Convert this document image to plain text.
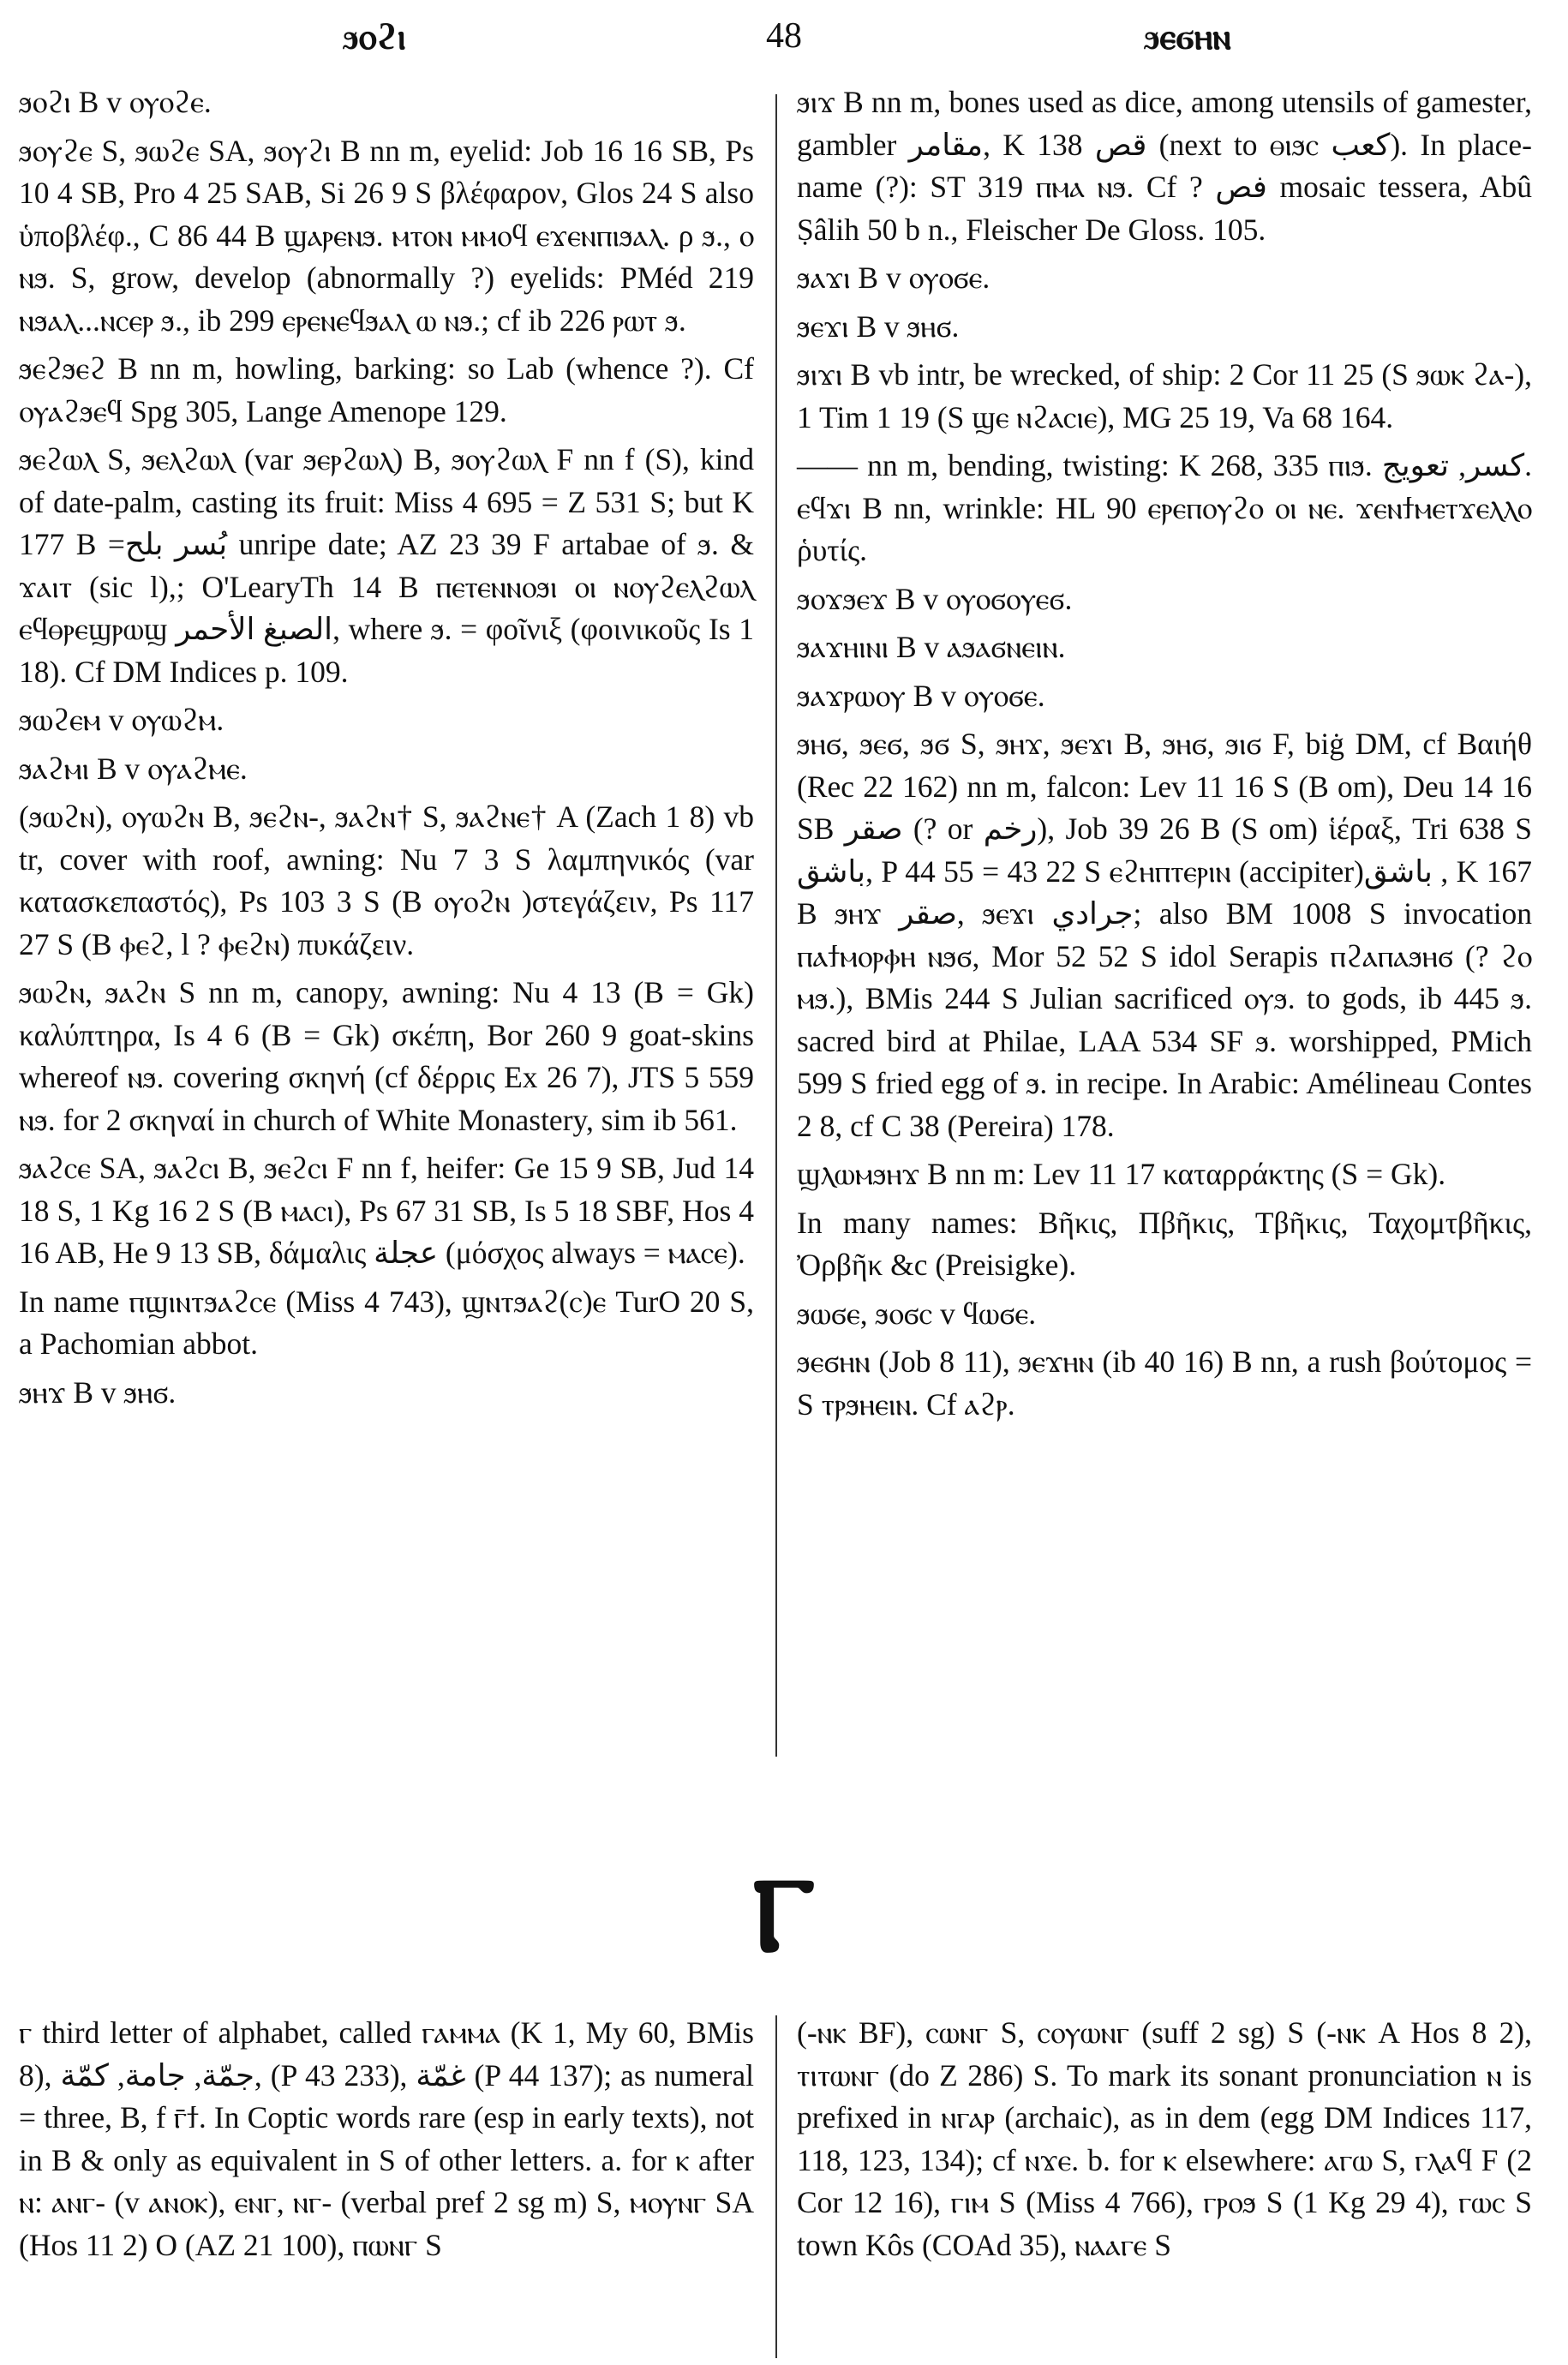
ϧⲟϩⲓ	48	ϧⲉϭⲏⲛ

ϧⲟϩⲓ B v ⲟⲩⲟϩⲉ.

ϧⲟⲩϩⲉ S, ϧⲱϩⲉ SA, ϧⲟⲩϩⲓ B nn m, eyelid: Job 16 16 SB, Ps 10 4 SB, Pro 4 25 SAB, Si 26 9 S βλέφαρον, Glos 24 S also ὑποβλέφ., C 86 44 B ϣⲁⲣⲉⲛϧ. ⲙⲧⲟⲛ ⲙⲙⲟϥ ⲉϫⲉⲛⲡⲓϧⲁⲗ. ρ ϧ., ⲟ ⲛϧ. S, grow, develop (abnormally ?) eyelids: PMéd 219 ⲛϧⲁⲗ...ⲛⲥⲉⲣ ϧ., ib 299 ⲉⲣⲉⲛⲉϥϧⲁⲗ ⲱ ⲛϧ.; cf ib 226 ⲣⲱⲧ ϧ.

ϧⲉϩϧⲉϩ B nn m, howling, barking: so Lab (whence ?). Cf ⲟⲩⲁϩϧⲉϥ Spg 305, Lange Amenope 129.

ϧⲉϩⲱⲗ S, ϧⲉⲗϩⲱⲗ (var ϧⲉⲣϩⲱⲗ) B, ϧⲟⲩϩⲱⲗ F nn f (S), kind of date-palm, casting its fruit: Miss 4 695 = Z 531 S; but K 177 B =بُسر بلح unripe date; AZ 23 39 F artabae of ϧ. & ϫⲁⲓⲧ (sic l),; O'LearyTh 14 B ⲡⲉⲧⲉⲛⲛⲟϧⲓ ⲟⲓ ⲛⲟⲩϩⲉⲗϩⲱⲗ ⲉϥⲑⲣⲉϣⲣⲱϣ الصبغ الأحمر, where ϧ. = φοῖνιξ (φοινικοῦς Is 1 18). Cf DM Indices p. 109.

ϧⲱϩⲉⲙ v ⲟⲩⲱϩⲙ.

ϧⲁϩⲙⲓ B v ⲟⲩⲁϩⲙⲉ.

(ϧⲱϩⲛ), ⲟⲩⲱϩⲛ B, ϧⲉϩⲛ-, ϧⲁϩⲛ† S, ϧⲁϩⲛⲉ† A (Zach 1 8) vb tr, cover with roof, awning: Nu 7 3 S λαμπηνικός (var κατασκεπαστός), Ps 103 3 S (B ⲟⲩⲟϩⲛ )στεγάζειν, Ps 117 27 S (B ⲫⲉϩ, l ? ⲫⲉϩⲛ) πυκάζειν.

ϧⲱϩⲛ, ϧⲁϩⲛ S nn m, canopy, awning: Nu 4 13 (B = Gk) καλύπτηρα, Is 4 6 (B = Gk) σκέπη, Bor 260 9 goat-skins whereof ⲛϧ. covering σκηνή (cf δέρρις Ex 26 7), JTS 5 559 ⲛϧ. for 2 σκηναί in church of White Monastery, sim ib 561.

ϧⲁϩⲥⲉ SA, ϧⲁϩⲥⲓ B, ϧⲉϩⲥⲓ F nn f, heifer: Ge 15 9 SB, Jud 14 18 S, 1 Kg 16 2 S (B ⲙⲁⲥⲓ), Ps 67 31 SB, Is 5 18 SBF, Hos 4 16 AB, He 9 13 SB, δάμαλις عجلة (μόσχος always = ⲙⲁⲥⲉ).

In name ⲡϣⲓⲛⲧϧⲁϩⲥⲉ (Miss 4 743), ϣⲛⲧϧⲁϩ(ⲥ)ⲉ TurO 20 S, a Pachomian abbot.

ϧⲏϫ B v ϧⲏϭ.

ϧⲓϫ B nn m, bones used as dice, among utensils of gamester, gambler مقامر, K 138 قص (next to ⲑⲓϧⲥ كعب). In place-name (?): ST 319 ⲡⲙⲁ ⲛϧ. Cf ? فص mosaic tessera, Abû Ṣâlih 50 b n., Fleischer De Gloss. 105.

ϧⲁϫⲓ B v ⲟⲩⲟϭⲉ.

ϧⲉϫⲓ B v ϧⲏϭ.

ϧⲓϫⲓ B vb intr, be wrecked, of ship: 2 Cor 11 25 (S ϧⲱⲕ ϩⲁ-), 1 Tim 1 19 (S ϣⲉ ⲛϩⲁⲥⲓⲉ), MG 25 19, Va 68 164.

—— nn m, bending, twisting: K 268, 335 ⲡⲓϧ. كسر, تعويج. ⲉϥϫⲓ B nn, wrinkle: HL 90 ⲉⲣⲉⲡⲟⲩϩⲟ ⲟⲓ ⲛⲉ. ϫⲉⲛϯⲙⲉⲧϫⲉⲗⲗⲟ ῥυτίς.

ϧⲟϫϧⲉϫ B v ⲟⲩⲟϭⲟⲩⲉϭ.

ϧⲁϫⲏⲓⲛⲓ B v ⲁϧⲁϭⲛⲉⲓⲛ.

ϧⲁϫⲣⲱⲟⲩ B v ⲟⲩⲟϭⲉ.

ϧⲏϭ, ϧⲉϭ, ϧϭ S, ϧⲏϫ, ϧⲉϫⲓ B, ϧⲏϭ, ϧⲓϭ F, biġ DM, cf Βαιήθ (Rec 22 162) nn m, falcon: Lev 11 16 S (B om), Deu 14 16 SB صقر (? or رخم), Job 39 26 B (S om) ἱέραξ, Tri 638 S باشق, P 44 55 = 43 22 S ⲉϩⲏⲡⲧⲉⲣⲓⲛ (accipiter)باشق , K 167 B ϧⲏϫ صقر, ϧⲉϫⲓ جرادي; also BM 1008 S invocation ⲡⲁϯⲙⲟⲣⲫⲏ ⲛϧϭ, Mor 52 52 S idol Serapis ⲡϩⲁⲡⲁϧⲏϭ (? ϩⲟ ⲙϧ.), BMis 244 S Julian sacrificed ⲟⲩϧ. to gods, ib 445 ϧ. sacred bird at Philae, LAA 534 SF ϧ. worshipped, PMich 599 S fried egg of ϧ. in recipe. In Arabic: Amélineau Contes 2 8, cf C 38 (Pereira) 178.

ϣⲗⲱⲙϧⲏϫ B nn m: Lev 11 17 καταρράκτης (S = Gk).

In many names: Βῆκις, Πβῆκις, Τβῆκις, Ταχομτβῆκις, Ὀρβῆκ &c (Preisigke).

ϧⲱϭⲉ, ϧⲟϭⲥ v ϥⲱϭⲉ.

ϧⲉϭⲏⲛ (Job 8 11), ϧⲉϫⲏⲛ (ib 40 16) B nn, a rush βούτομος = S ⲧⲣϧⲏⲉⲓⲛ. Cf ⲁϩⲣ.

Ⲅ

ⲅ third letter of alphabet, called ⲅⲁⲙⲙⲁ (K 1, My 60, BMis 8), جمّة, جامة, كمّة, (P 43 233), غمّة (P 44 137); as numeral = three, B, f ⲅ̄ϯ. In Coptic words rare (esp in early texts), not in B & only as equivalent in S of other letters. a. for ⲕ after ⲛ: ⲁⲛⲅ- (v ⲁⲛⲟⲕ), ⲉⲛⲅ, ⲛⲅ- (verbal pref 2 sg m) S, ⲙⲟⲩⲛⲅ SA (Hos 11 2) O (AZ 21 100), ⲡⲱⲛⲅ S

(-ⲛⲕ BF), ⲥⲱⲛⲅ S, ⲥⲟⲩⲱⲛⲅ (suff 2 sg) S (-ⲛⲕ A Hos 8 2), ⲧⲓⲧⲱⲛⲅ (do Z 286) S. To mark its sonant pronunciation ⲛ is prefixed in ⲛⲅⲁⲣ (archaic), as in dem (egg DM Indices 117, 118, 123, 134); cf ⲛϫⲉ. b. for ⲕ elsewhere: ⲁⲅⲱ S, ⲅⲗⲁϥ F (2 Cor 12 16), ⲅⲓⲙ S (Miss 4 766), ⲅⲣⲟϧ S (1 Kg 29 4), ⲅⲱⲥ S town Kôs (COAd 35), ⲛⲁⲁⲅⲉ S
